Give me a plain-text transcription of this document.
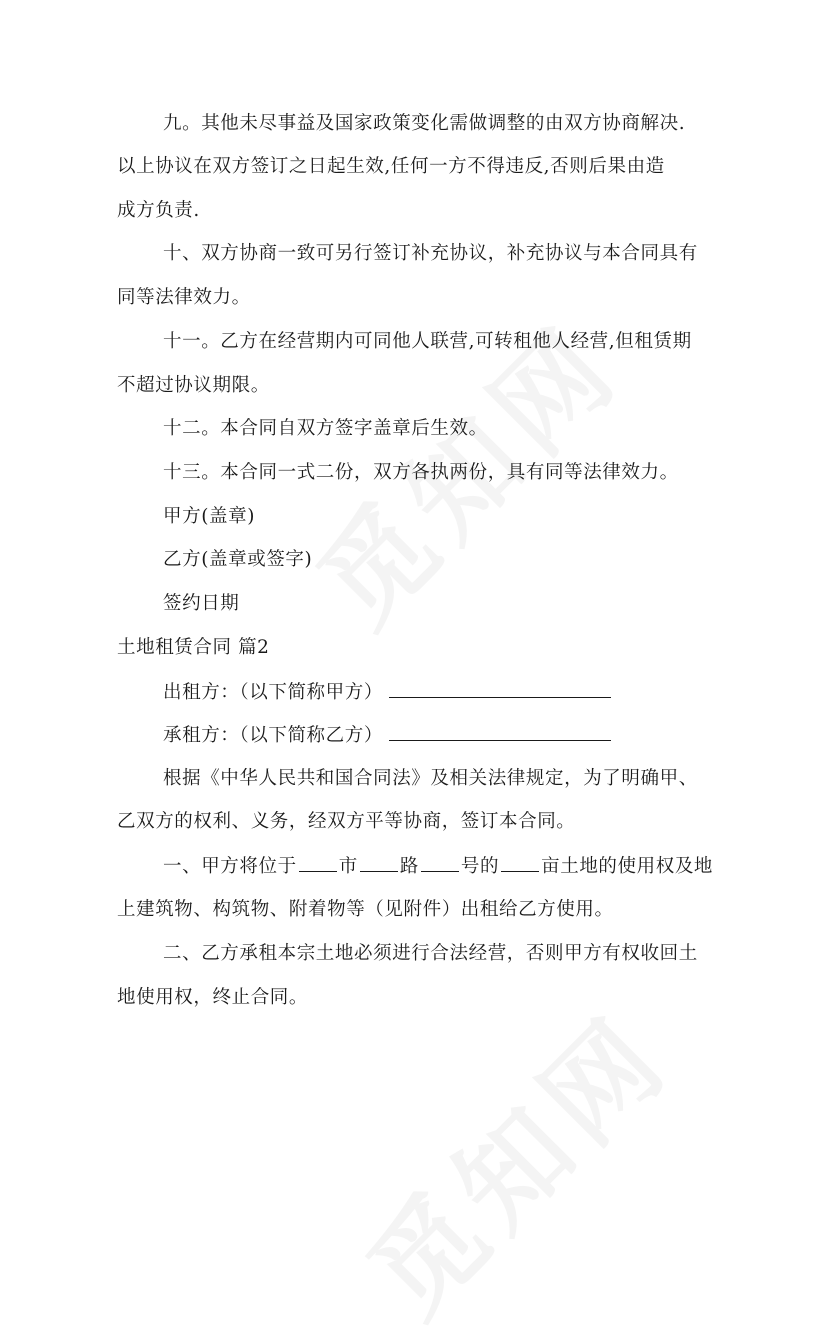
九。其他未尽事益及国家政策变化需做调整的由双方协商解决.
以上协议在双方签订之日起生效,任何一方不得违反,否则后果由造
成方负责.
十、双方协商一致可另行签订补充协议，补充协议与本合同具有
同等法律效力。
十一。乙方在经营期内可同他人联营,可转租他人经营,但租赁期
不超过协议期限。
十二。本合同自双方签字盖章后生效。
十三。本合同一式二份，双方各执两份，具有同等法律效力。
甲方(盖章)
乙方(盖章或签字)
签约日期
土地租赁合同 篇2
出租方：（以下简称甲方）
承租方：（以下简称乙方）
根据《中华人民共和国合同法》及相关法律规定，为了明确甲、
乙双方的权利、义务，经双方平等协商，签订本合同。
一、甲方将位于 市 路 号的 亩土地的使用权及地
上建筑物、构筑物、附着物等（见附件）出租给乙方使用。
二、乙方承租本宗土地必须进行合法经营，否则甲方有权收回土
地使用权，终止合同。
